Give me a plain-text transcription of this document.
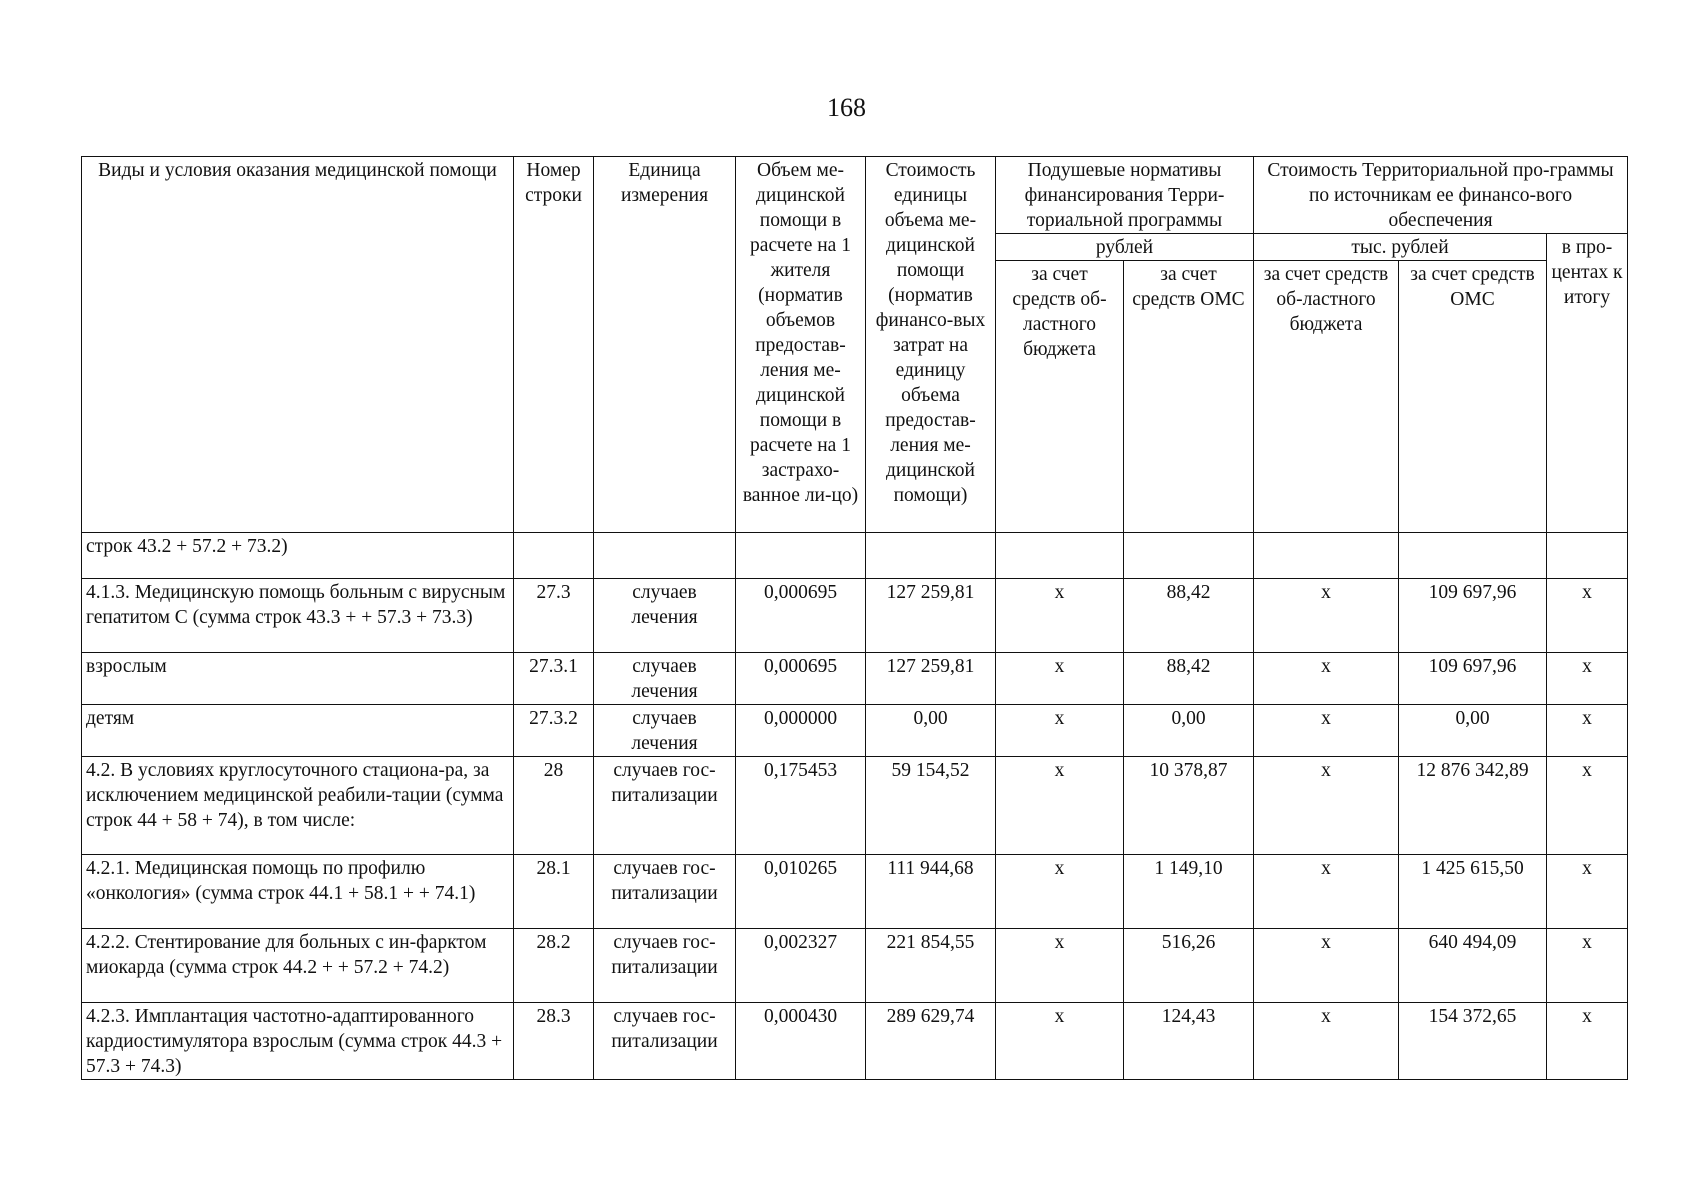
168
Виды и условия оказания медицинской помощи	Номер строки	Единица измерения	Объем ме-дицинской помощи в расчете на 1 жителя (норматив объемов предостав-ления ме-дицинской помощи в расчете на 1 застрахо-ванное ли-цо)	Стоимость единицы объема ме-дицинской помощи (норматив финансо-вых затрат на единицу объема предостав-ления ме-дицинской помощи)	Подушевые нормативы финансирования Терри-ториальной программы		Стоимость Территориальной про-граммы по источникам ее финансо-вого обеспечения		
					рублей		тыс. рублей		в про-центах к итогу
					за счет средств об-ластного бюджета	за счет средств ОМС	за счет средств об-ластного бюджета	за счет средств ОМС	
строк 43.2 + 57.2 + 73.2)									
4.1.3. Медицинскую помощь больным с вирусным гепатитом С (сумма строк 43.3 + + 57.3 + 73.3)	27.3	случаев лечения	0,000695	127 259,81	x	88,42	x	109 697,96	x
взрослым	27.3.1	случаев лечения	0,000695	127 259,81	x	88,42	x	109 697,96	x
детям	27.3.2	случаев лечения	0,000000	0,00	x	0,00	x	0,00	x
4.2. В условиях круглосуточного стациона-ра, за исключением медицинской реабили-тации (сумма строк 44 + 58 + 74), в том числе:	28	случаев гос-питализации	0,175453	59 154,52	x	10 378,87	x	12 876 342,89	x
4.2.1. Медицинская помощь по профилю «онкология» (сумма строк 44.1 + 58.1 + + 74.1)	28.1	случаев гос-питализации	0,010265	111 944,68	x	1 149,10	x	1 425 615,50	x
4.2.2. Стентирование для больных с ин-фарктом миокарда (сумма строк 44.2 + + 57.2 + 74.2)	28.2	случаев гос-питализации	0,002327	221 854,55	x	516,26	x	640 494,09	x
4.2.3. Имплантация частотно-адаптированного кардиостимулятора взрослым (сумма строк 44.3 + 57.3 + 74.3)	28.3	случаев гос-питализации	0,000430	289 629,74	x	124,43	x	154 372,65	x
